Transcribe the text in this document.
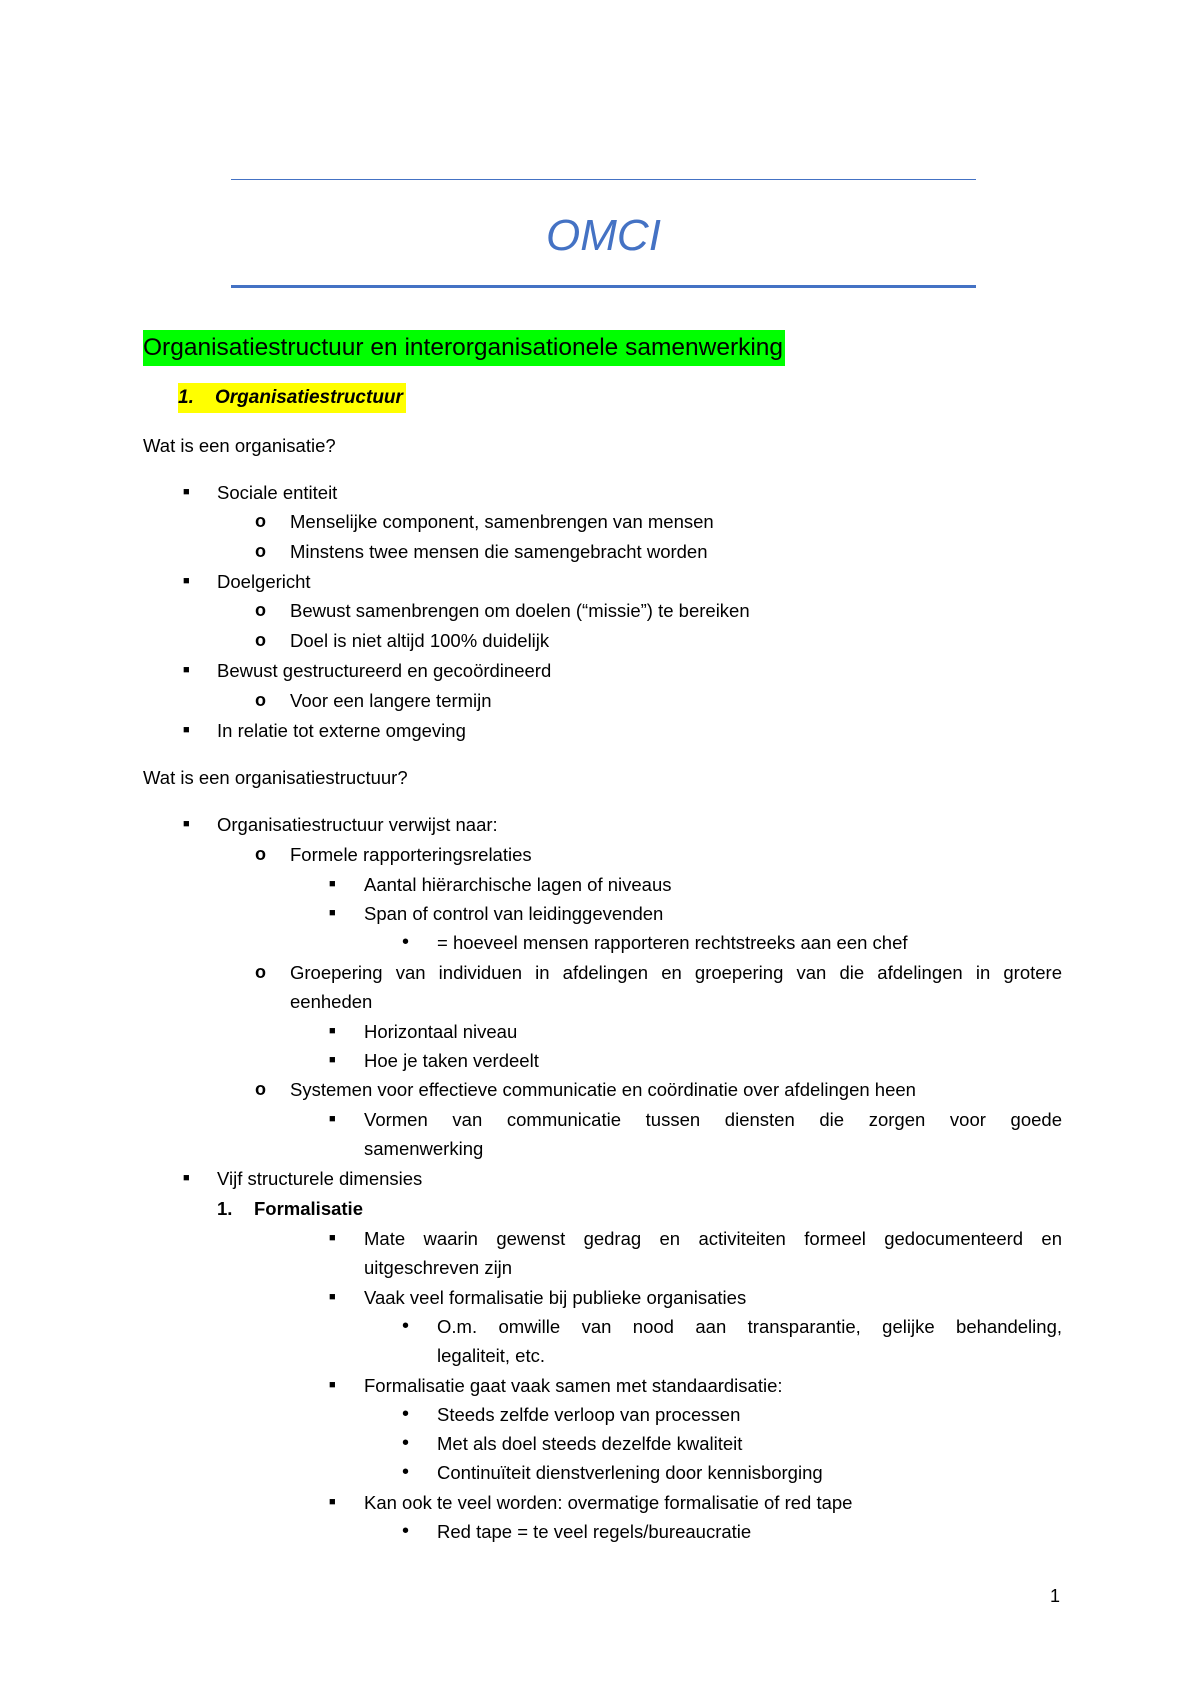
OMCI
Organisatiestructuur en interorganisationele samenwerking
1. Organisatiestructuur
Wat is een organisatie?
■ Sociale entiteit
o Menselijke component, samenbrengen van mensen
o Minstens twee mensen die samengebracht worden
■ Doelgericht
o Bewust samenbrengen om doelen (“missie”) te bereiken
o Doel is niet altijd 100% duidelijk
■ Bewust gestructureerd en gecoördineerd
o Voor een langere termijn
■ In relatie tot externe omgeving
Wat is een organisatiestructuur?
■ Organisatiestructuur verwijst naar:
o Formele rapporteringsrelaties
■ Aantal hiërarchische lagen of niveaus
■ Span of control van leidinggevenden
• = hoeveel mensen rapporteren rechtstreeks aan een chef
o Groepering van individuen in afdelingen en groepering van die afdelingen in grotere
eenheden
■ Horizontaal niveau
■ Hoe je taken verdeelt
o Systemen voor effectieve communicatie en coördinatie over afdelingen heen
■ Vormen van communicatie tussen diensten die zorgen voor goede
samenwerking
■ Vijf structurele dimensies
1. Formalisatie
■ Mate waarin gewenst gedrag en activiteiten formeel gedocumenteerd en
uitgeschreven zijn
■ Vaak veel formalisatie bij publieke organisaties
• O.m. omwille van nood aan transparantie, gelijke behandeling,
legaliteit, etc.
■ Formalisatie gaat vaak samen met standaardisatie:
• Steeds zelfde verloop van processen
• Met als doel steeds dezelfde kwaliteit
• Continuïteit dienstverlening door kennisborging
■ Kan ook te veel worden: overmatige formalisatie of red tape
• Red tape = te veel regels/bureaucratie
1
